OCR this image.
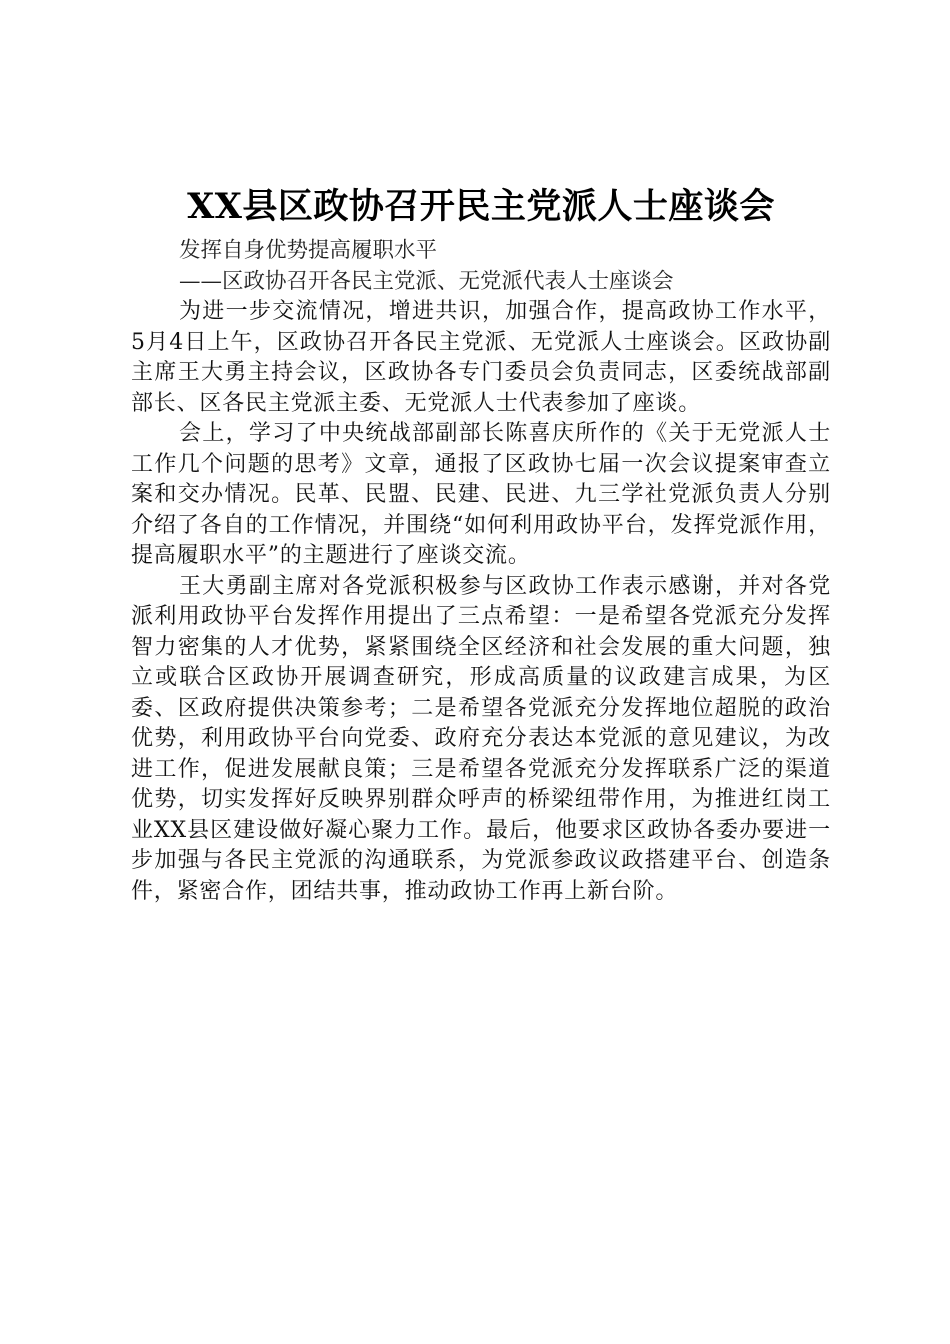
XX县区政协召开民主党派人士座谈会

发挥自身优势提高履职水平

——区政协召开各民主党派、无党派代表人士座谈会

为进一步交流情况，增进共识，加强合作，提高政协工作水平，5月4日上午，区政协召开各民主党派、无党派人士座谈会。区政协副主席王大勇主持会议，区政协各专门委员会负责同志，区委统战部副部长、区各民主党派主委、无党派人士代表参加了座谈。

会上，学习了中央统战部副部长陈喜庆所作的《关于无党派人士工作几个问题的思考》文章，通报了区政协七届一次会议提案审查立案和交办情况。民革、民盟、民建、民进、九三学社党派负责人分别介绍了各自的工作情况，并围绕“如何利用政协平台，发挥党派作用，提高履职水平”的主题进行了座谈交流。

王大勇副主席对各党派积极参与区政协工作表示感谢，并对各党派利用政协平台发挥作用提出了三点希望：一是希望各党派充分发挥智力密集的人才优势，紧紧围绕全区经济和社会发展的重大问题，独立或联合区政协开展调查研究，形成高质量的议政建言成果，为区委、区政府提供决策参考；二是希望各党派充分发挥地位超脱的政治优势，利用政协平台向党委、政府充分表达本党派的意见建议，为改进工作，促进发展献良策；三是希望各党派充分发挥联系广泛的渠道优势，切实发挥好反映界别群众呼声的桥梁纽带作用，为推进红岗工业XX县区建设做好凝心聚力工作。最后，他要求区政协各委办要进一步加强与各民主党派的沟通联系，为党派参政议政搭建平台、创造条件，紧密合作，团结共事，推动政协工作再上新台阶。
